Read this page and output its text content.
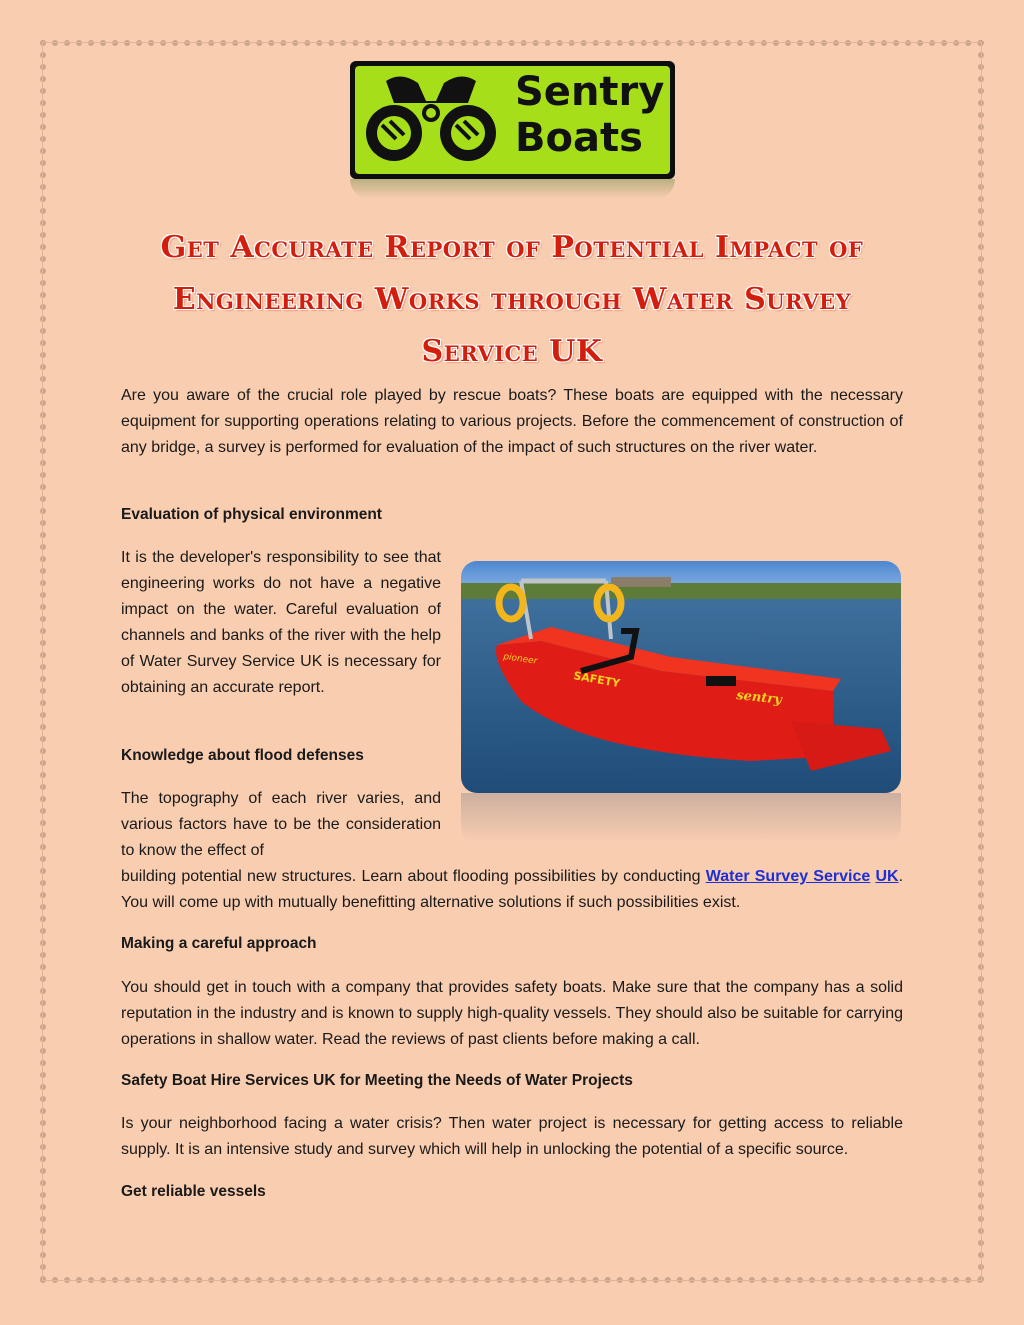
Sentry
Boats
Get Accurate Report of Potential Impact of Engineering Works through Water Survey Service UK

Are you aware of the crucial role played by rescue boats? These boats are equipped with the necessary equipment for supporting operations relating to various projects. Before the commencement of construction of any bridge, a survey is performed for evaluation of the impact of such structures on the river water.

Evaluation of physical environment

It is the developer's responsibility to see that engineering works do not have a negative impact on the water. Careful evaluation of channels and banks of the river with the help of Water Survey Service UK is necessary for obtaining an accurate report.	SAFETY
sentry
pioneer

Knowledge about flood defenses

The topography of each river varies, and various factors have to be the consideration to know the effect of

building potential new structures. Learn about flooding possibilities by conducting Water Survey Service UK. You will come up with mutually benefitting alternative solutions if such possibilities exist.

Making a careful approach

You should get in touch with a company that provides safety boats. Make sure that the company has a solid reputation in the industry and is known to supply high-quality vessels. They should also be suitable for carrying operations in shallow water. Read the reviews of past clients before making a call.

Safety Boat Hire Services UK for Meeting the Needs of Water Projects

Is your neighborhood facing a water crisis? Then water project is necessary for getting access to reliable supply. It is an intensive study and survey which will help in unlocking the potential of a specific source.

Get reliable vessels
